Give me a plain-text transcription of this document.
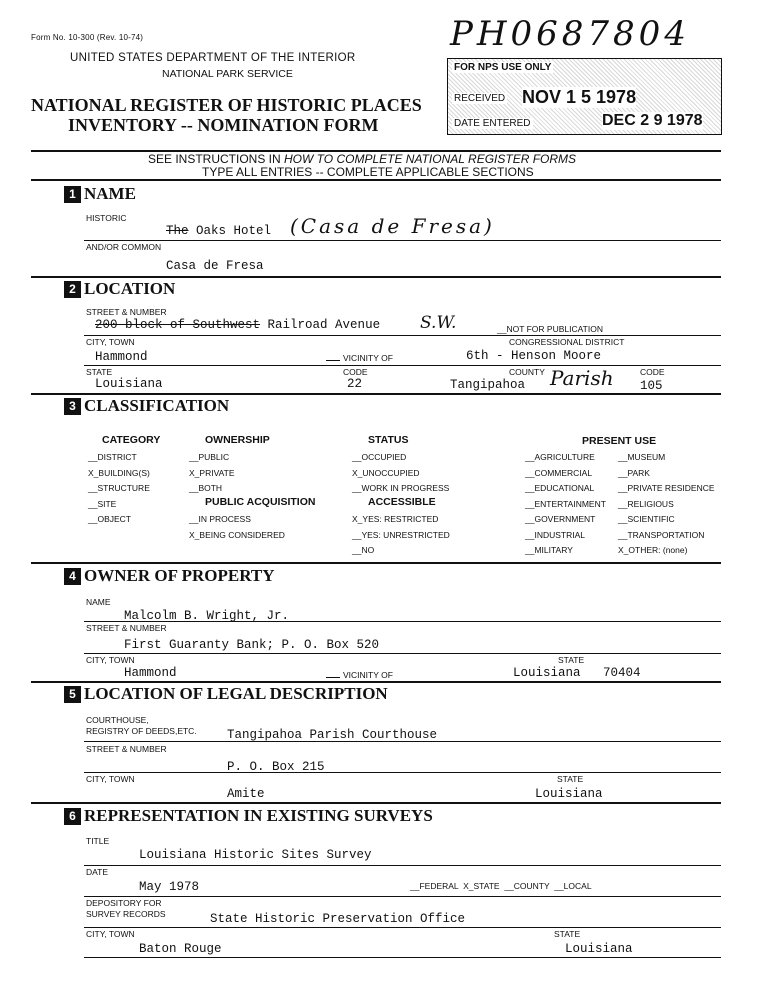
Form No. 10-300 (Rev. 10-74)
UNITED STATES DEPARTMENT OF THE INTERIOR
NATIONAL PARK SERVICE
NATIONAL REGISTER OF HISTORIC PLACES
INVENTORY -- NOMINATION FORM
PH0687804
FOR NPS USE ONLY
RECEIVED NOV 1 5 1978
DATE ENTERED	DEC 2 9 1978
SEE INSTRUCTIONS IN HOW TO COMPLETE NATIONAL REGISTER FORMS
TYPE ALL ENTRIES -- COMPLETE APPLICABLE SECTIONS
1 NAME
HISTORIC
The Oaks Hotel (Casa de Fresa)
AND/OR COMMON
Casa de Fresa
2 LOCATION
STREET & NUMBER
200 block of Southwest Railroad Avenue S.W.	__NOT FOR PUBLICATION
CITY, TOWN	CONGRESSIONAL DISTRICT
Hammond	VICINITY OF	6th - Henson Moore
STATE	CODE	COUNTY	CODE
Louisiana	22	Tangipahoa Parish 105
3 CLASSIFICATION
CATEGORY
__DISTRICT
X_BUILDING(S)
__STRUCTURE
__SITE
__OBJECT
OWNERSHIP
__PUBLIC
X_PRIVATE
__BOTH
PUBLIC ACQUISITION
__IN PROCESS
X_BEING CONSIDERED
STATUS
__OCCUPIED
X_UNOCCUPIED
__WORK IN PROGRESS
ACCESSIBLE
X_YES: RESTRICTED
__YES: UNRESTRICTED
__NO
PRESENT USE
__AGRICULTURE
__COMMERCIAL
__EDUCATIONAL
__ENTERTAINMENT
__GOVERNMENT
__INDUSTRIAL
__MILITARY
__MUSEUM
__PARK
__PRIVATE RESIDENCE
__RELIGIOUS
__SCIENTIFIC
__TRANSPORTATION
X_OTHER: (none)
4 OWNER OF PROPERTY
NAME
Malcolm B. Wright, Jr.
STREET & NUMBER
First Guaranty Bank; P. O. Box 520
CITY, TOWN	STATE
Hammond	VICINITY OF	Louisiana   70404
5 LOCATION OF LEGAL DESCRIPTION
COURTHOUSE,
REGISTRY OF DEEDS,ETC. Tangipahoa Parish Courthouse
STREET & NUMBER
P. O. Box 215
CITY, TOWN	STATE
Amite	Louisiana
6 REPRESENTATION IN EXISTING SURVEYS
TITLE
Louisiana Historic Sites Survey
DATE
May 1978	__FEDERAL  X_STATE  __COUNTY  __LOCAL
DEPOSITORY FOR
SURVEY RECORDS	State Historic Preservation Office
CITY, TOWN	STATE
Baton Rouge	Louisiana
